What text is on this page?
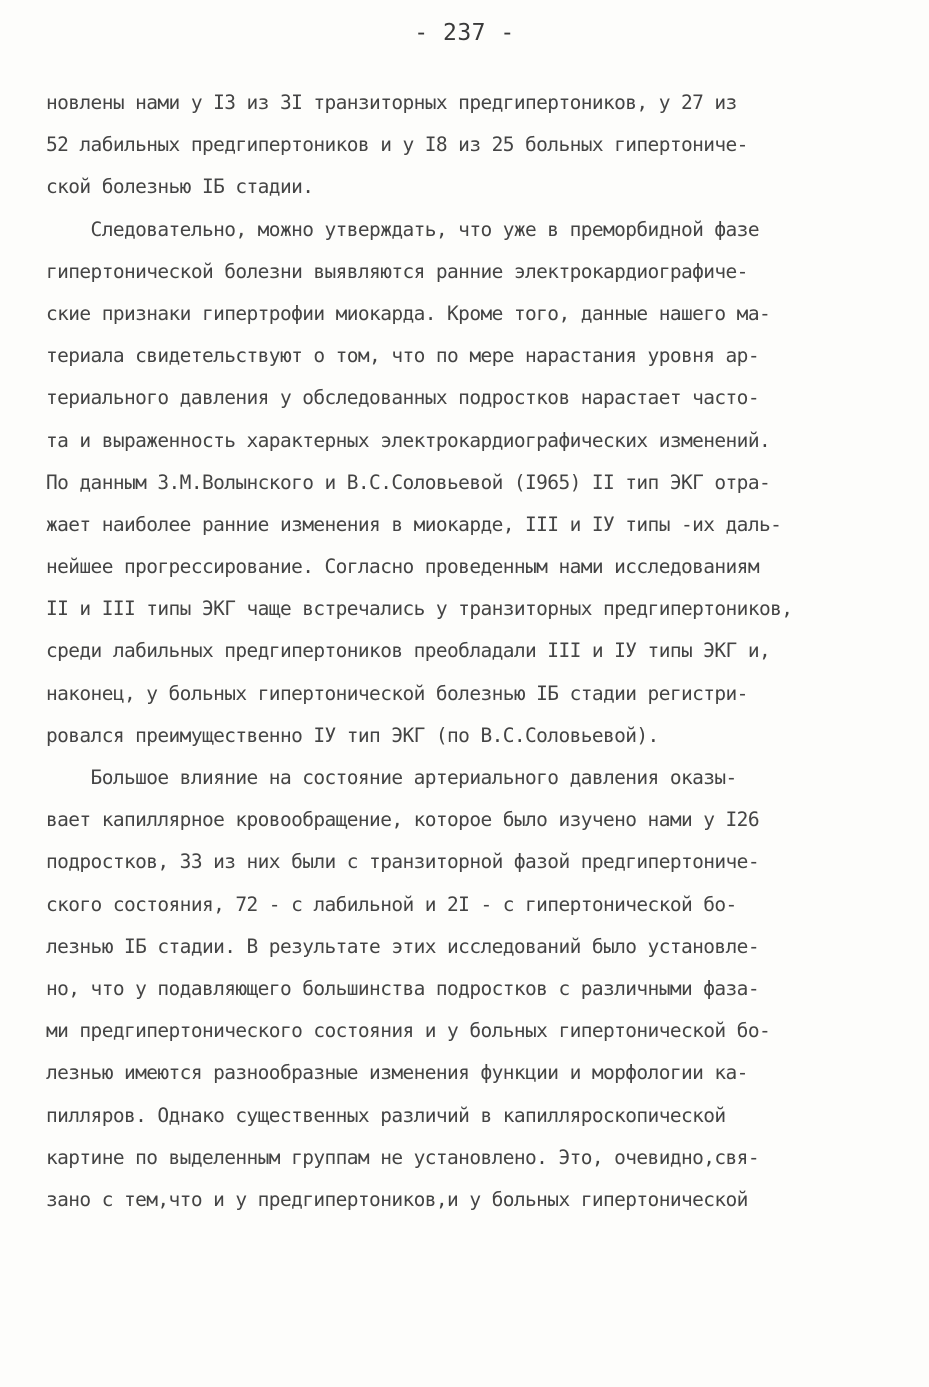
- 237 -
новлены нами у I3 из 3I транзиторных предгипертоников, у 27 из
52 лабильных предгипертоников и у I8 из 25 больных гипертониче-
ской болезнью IБ стадии.
Следовательно, можно утверждать, что уже в преморбидной фазе
гипертонической болезни выявляются ранние электрокардиографиче-
ские признаки гипертрофии миокарда. Кроме того, данные нашего ма-
териала свидетельствуют о том, что по мере нарастания уровня ар-
териального давления у обследованных подростков нарастает часто-
та и выраженность характерных электрокардиографических изменений.
По данным З.М.Волынского и В.С.Соловьевой (I965) II тип ЭКГ отра-
жает наиболее ранние изменения в миокарде, III и IУ типы -их даль-
нейшее прогрессирование. Согласно проведенным нами исследованиям
II и III типы ЭКГ чаще встречались у транзиторных предгипертоников,
среди лабильных предгипертоников преобладали III и IУ типы ЭКГ и,
наконец, у больных гипертонической болезнью IБ стадии регистри-
ровался преимущественно IУ тип ЭКГ (по В.С.Соловьевой).
Большое влияние на состояние артериального давления оказы-
вает капиллярное кровообращение, которое было изучено нами у I26
подростков, 33 из них были с транзиторной фазой предгипертониче-
ского состояния, 72 - с лабильной и 2I - с гипертонической бо-
лезнью IБ стадии. В результате этих исследований было установле-
но, что у подавляющего большинства подростков с различными фаза-
ми предгипертонического состояния и у больных гипертонической бо-
лезнью имеются разнообразные изменения функции и морфологии ка-
пилляров. Однако существенных различий в капилляроскопической
картине по выделенным группам не установлено. Это, очевидно,свя-
зано с тем,что и у предгипертоников,и у больных гипертонической
